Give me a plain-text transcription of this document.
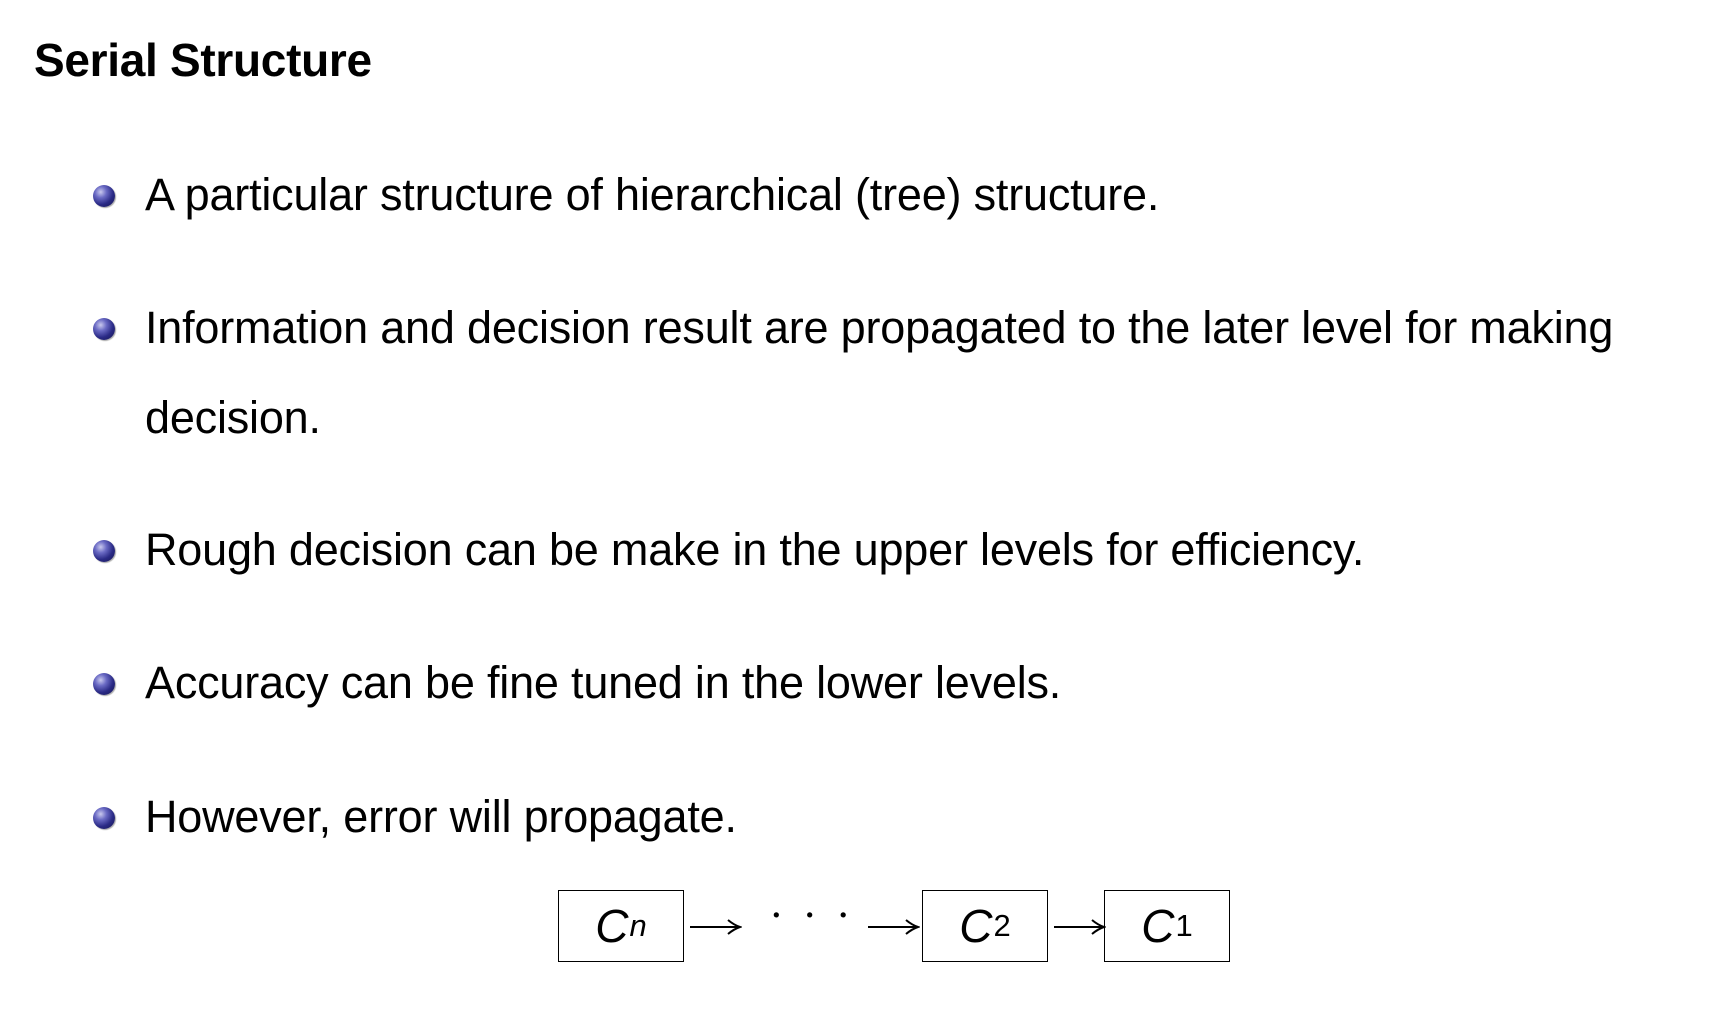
Serial Structure
A particular structure of hierarchical (tree) structure.
Information and decision result are propagated to the later level for making decision.
Rough decision can be make in the upper levels for efficiency.
Accuracy can be fine tuned in the lower levels.
However, error will propagate.
C n	· · · C 2	C 1
